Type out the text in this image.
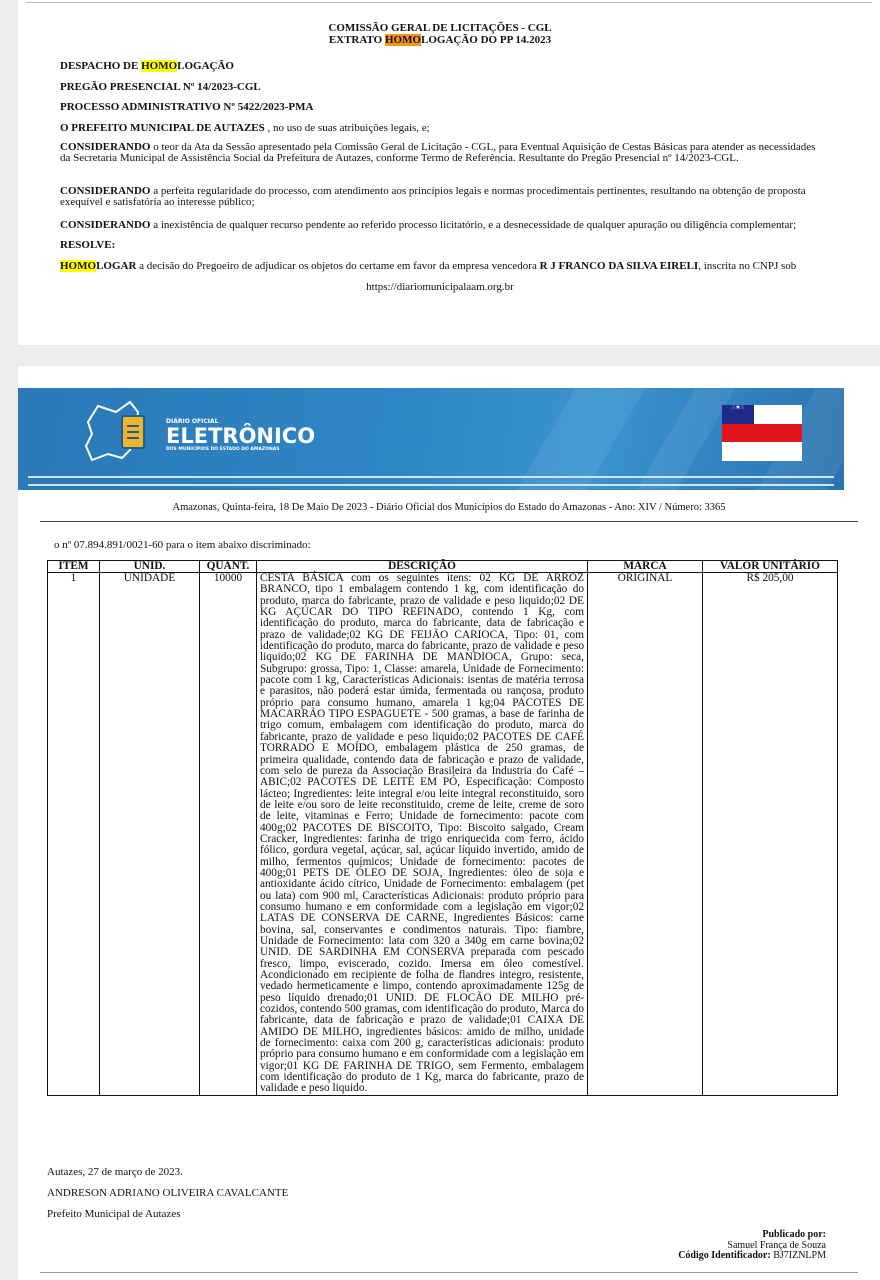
COMISSÃO GERAL DE LICITAÇÕES - CGL
EXTRATO HOMOLOGAÇÃO DO PP 14.2023
DESPACHO DE HOMOLOGAÇÃO
PREGÃO PRESENCIAL Nº 14/2023-CGL
PROCESSO ADMINISTRATIVO Nº 5422/2023-PMA
O PREFEITO MUNICIPAL DE AUTAZES , no uso de suas atribuições legais, e;
CONSIDERANDO o teor da Ata da Sessão apresentado pela Comissão Geral de Licitação - CGL, para Eventual Aquisição de Cestas Básicas para atender as necessidades da Secretaria Municipal de Assistência Social da Prefeitura de Autazes, conforme Termo de Referência. Resultante do Pregão Presencial nº 14/2023-CGL.
CONSIDERANDO a perfeita regularidade do processo, com atendimento aos princípios legais e normas procedimentais pertinentes, resultando na obtenção de proposta exequível e satisfatória ao interesse público;
CONSIDERANDO a inexistência de qualquer recurso pendente ao referido processo licitatório, e a desnecessidade de qualquer apuração ou diligência complementar;
RESOLVE:
HOMOLOGAR a decisão do Pregoeiro de adjudicar os objetos do certame em favor da empresa vencedora R J FRANCO DA SILVA EIRELI, inscrita no CNPJ sob
https://diariomunicipalaam.org.br
DIÁRIO OFICIAL
ELETRÔNICO
DOS MUNICÍPIOS DO ESTADO DO AMAZONAS
∴★∴
Amazonas, Quinta-feira, 18 De Maio De 2023 - Diário Oficial dos Municípios do Estado do Amazonas - Ano: XIV / Número: 3365
o nº 07.894.891/0021-60 para o item abaixo discriminado:
ITEM	UNID.	QUANT.	DESCRIÇÃO	MARCA	VALOR UNITÁRIO
1	UNIDADE	10000	CESTA BÁSICA com os seguintes itens: 02 KG DE ARROZ BRANCO, tipo 1 embalagem contendo 1 kg, com identificação do produto, marca do fabricante, prazo de validade e peso liquido;02 DE KG AÇÚCAR DO TIPO REFINADO, contendo 1 Kg, com identificação do produto, marca do fabricante, data de fabricação e prazo de validade;02 KG DE FEIJÃO CARIOCA, Tipo: 01, com identificação do produto, marca do fabricante, prazo de validade e peso liquido;02 KG DE FARINHA DE MANDIOCA, Grupo: seca, Subgrupo: grossa, Tipo: 1, Classe: amarela, Unidade de Fornecimento: pacote com 1 kg, Características Adicionais: isentas de matéria terrosa e parasitos, não poderá estar úmida, fermentada ou rançosa, produto próprio para consumo humano, amarela 1 kg;04 PACOTES DE MACARRÃO TIPO ESPAGUETE - 500 gramas, a base de farinha de trigo comum, embalagem com identificação do produto, marca do fabricante, prazo de validade e peso liquido;02 PACOTES DE CAFÉ TORRADO E MOÍDO, embalagem plástica de 250 gramas, de primeira qualidade, contendo data de fabricação e prazo de validade, com selo de pureza da Associação Brasileira da Industria do Café – ABIC;02 PACOTES DE LEITE EM PÓ, Especificação: Composto lácteo; Ingredientes: leite integral e/ou leite integral reconstituido, soro de leite e/ou soro de leite reconstituido, creme de leite, creme de soro de leite, vitaminas e Ferro; Unidade de fornecimento: pacote com 400g;02 PACOTES DE BISCOITO, Tipo: Biscoito salgado, Cream Cracker, Ingredientes: farinha de trigo enriquecida com ferro, ácido fólico, gordura vegetal, açúcar, sal, açúcar líquido invertido, amido de milho, fermentos químicos; Unidade de fornecimento: pacotes de 400g;01 PETS DE ÓLEO DE SOJA, Ingredientes: óleo de soja e antioxidante ácido cítrico, Unidade de Fornecimento: embalagem (pet ou lata) com 900 ml, Características Adicionais: produto próprio para consumo humano e em conformidade com a legislação em vigor;02 LATAS DE CONSERVA DE CARNE, Ingredientes Básicos: carne bovina, sal, conservantes e condimentos naturais. Tipo: fiambre, Unidade de Fornecimento: lata com 320 a 340g em carne bovina;02 UNID. DE SARDINHA EM CONSERVA preparada com pescado fresco, limpo, eviscerado, cozido. Imersa em óleo comestível. Acondicionado em recipiente de folha de flandres integro, resistente, vedado hermeticamente e limpo, contendo aproximadamente 125g de peso líquido drenado;01 UNID. DE FLOCÃO DE MILHO pré-cozidos, contendo 500 gramas, com identificação do produto, Marca do fabricante, data de fabricação e prazo de validade;01 CAIXA DE AMIDO DE MILHO, ingredientes básicos: amido de milho, unidade de fornecimento: caixa com 200 g, características adicionais: produto próprio para consumo humano e em conformidade com a legislação em vigor;01 KG DE FARINHA DE TRIGO, sem Fermento, embalagem com identificação do produto de 1 Kg, marca do fabricante, prazo de validade e peso liquido.	ORIGINAL	R$ 205,00
Autazes, 27 de março de 2023.
ANDRESON ADRIANO OLIVEIRA CAVALCANTE
Prefeito Municipal de Autazes
Publicado por:
Samuel França de Souza
Código Identificador: BJ7IZNLPM
